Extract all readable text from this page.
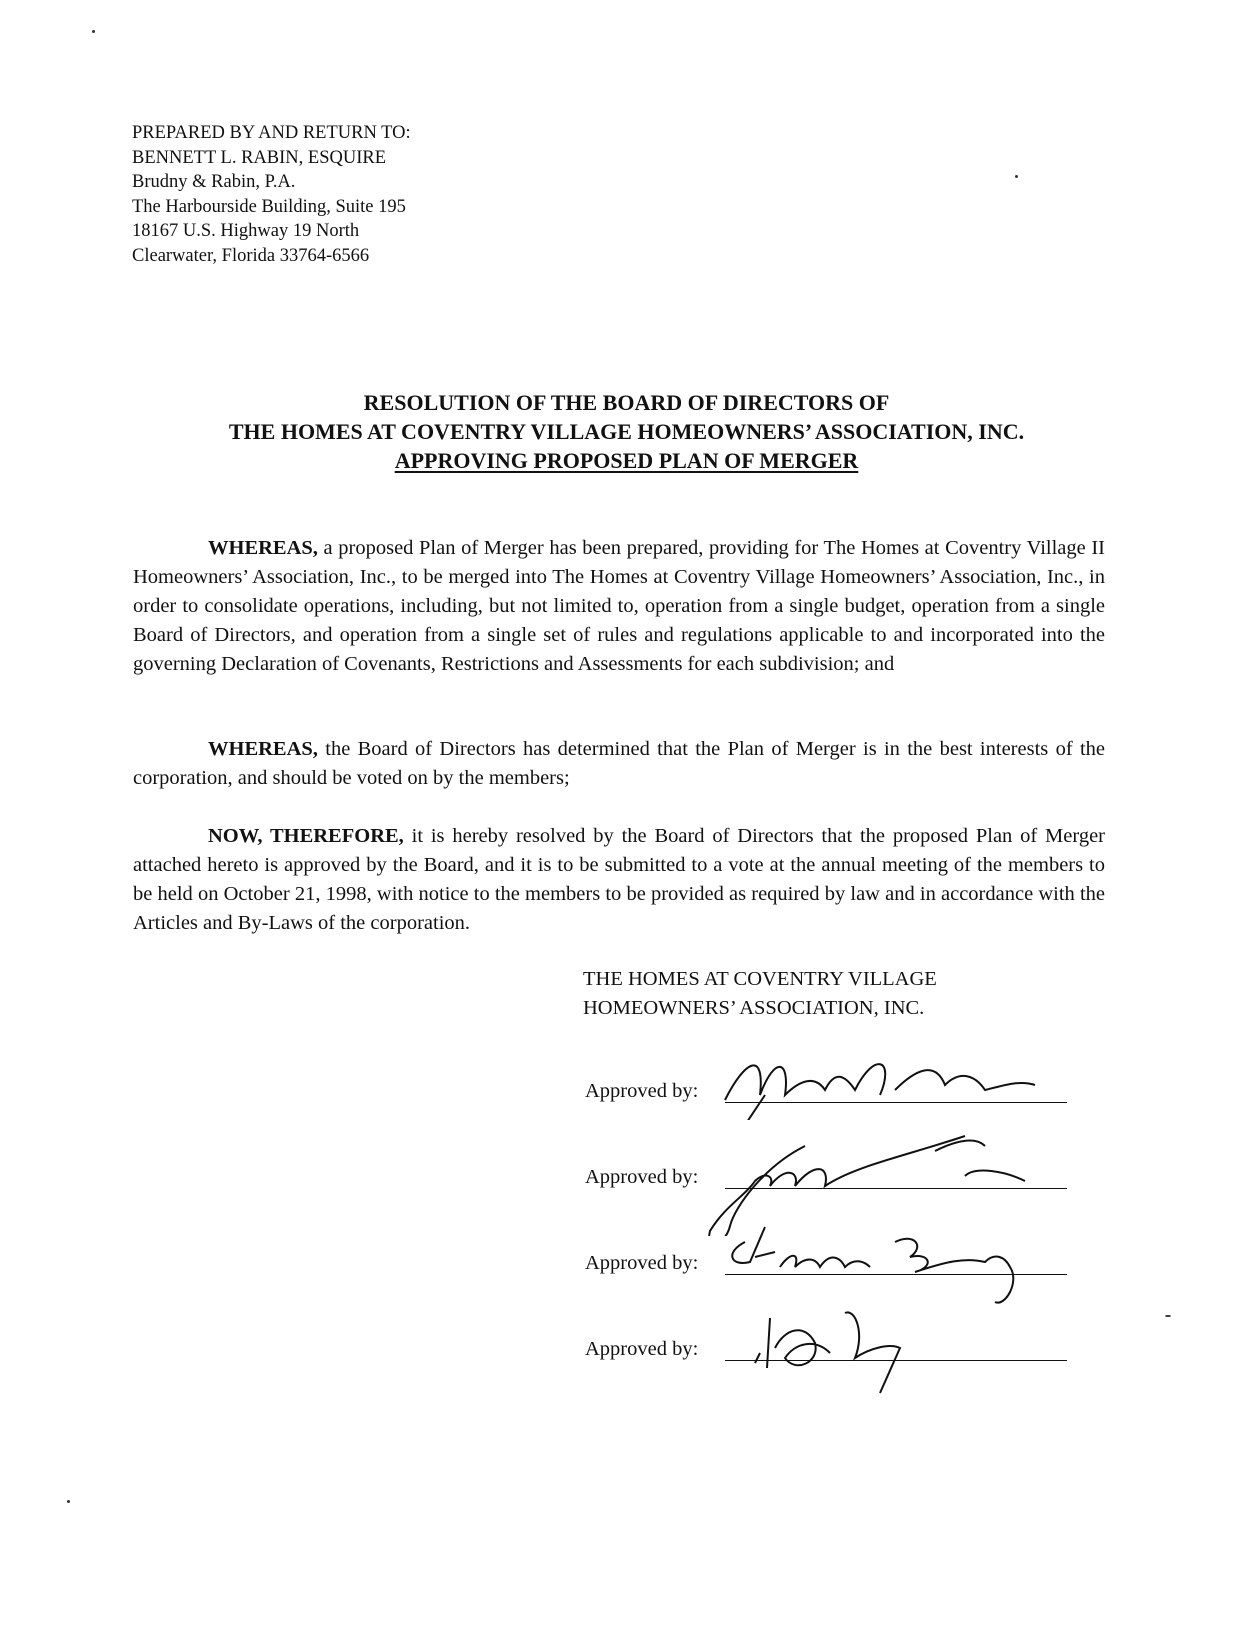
PREPARED BY AND RETURN TO:
BENNETT L. RABIN, ESQUIRE
Brudny & Rabin, P.A.
The Harbourside Building, Suite 195
18167 U.S. Highway 19 North
Clearwater, Florida 33764-6566
RESOLUTION OF THE BOARD OF DIRECTORS OF
THE HOMES AT COVENTRY VILLAGE HOMEOWNERS’ ASSOCIATION, INC.
APPROVING PROPOSED PLAN OF MERGER
WHEREAS, a proposed Plan of Merger has been prepared, providing for The Homes at Coventry Village II Homeowners’ Association, Inc., to be merged into The Homes at Coventry Village Homeowners’ Association, Inc., in order to consolidate operations, including, but not limited to, operation from a single budget, operation from a single Board of Directors, and operation from a single set of rules and regulations applicable to and incorporated into the governing Declaration of Covenants, Restrictions and Assessments for each subdivision; and
WHEREAS, the Board of Directors has determined that the Plan of Merger is in the best interests of the corporation, and should be voted on by the members;
NOW, THEREFORE, it is hereby resolved by the Board of Directors that the proposed Plan of Merger attached hereto is approved by the Board, and it is to be submitted to a vote at the annual meeting of the members to be held on October 21, 1998, with notice to the members to be provided as required by law and in accordance with the Articles and By-Laws of the corporation.
THE HOMES AT COVENTRY VILLAGE
HOMEOWNERS’ ASSOCIATION, INC.
Approved by:
Approved by:
Approved by:
Approved by:
